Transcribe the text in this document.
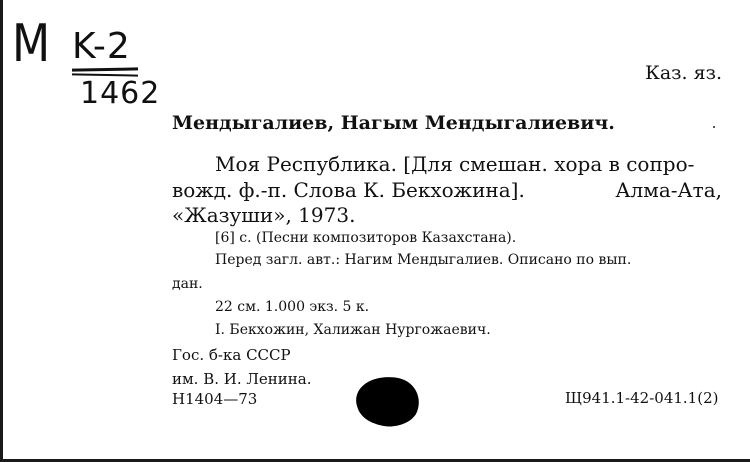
M K-2
1462
Каз. яз.
Мендыгалиев, Нагым Мендыгалиевич.
Моя Республика. [Для смешан. хора в сопро-
вожд. ф.-п. Слова К. Бекхожина].	Алма-Ата,
«Жазуши», 1973.
[6] с. (Песни композиторов Казахстана).
Перед загл. авт.: Нагим Мендыгалиев. Описано по вып.
дан.
22 см. 1.000 экз. 5 к.
I. Бекхожин, Халижан Нургожаевич.
Гос. б-ка СССР
им. В. И. Ленина.
Н1404—73	Щ941.1-42-041.1(2)
